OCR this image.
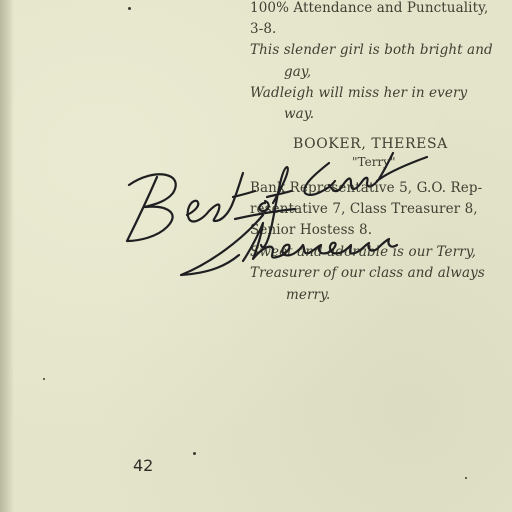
100% Attendance and Punctuality,
3-8.
This slender girl is both bright and
gay,
Wadleigh will miss her in every
way.
BOOKER, THERESA
"Terry"
Bank Representative 5, G.O. Rep-
resentative 7, Class Treasurer 8,
Senior Hostess 8.
Sweet and adorable is our Terry,
Treasurer of our class and always
merry.
42
